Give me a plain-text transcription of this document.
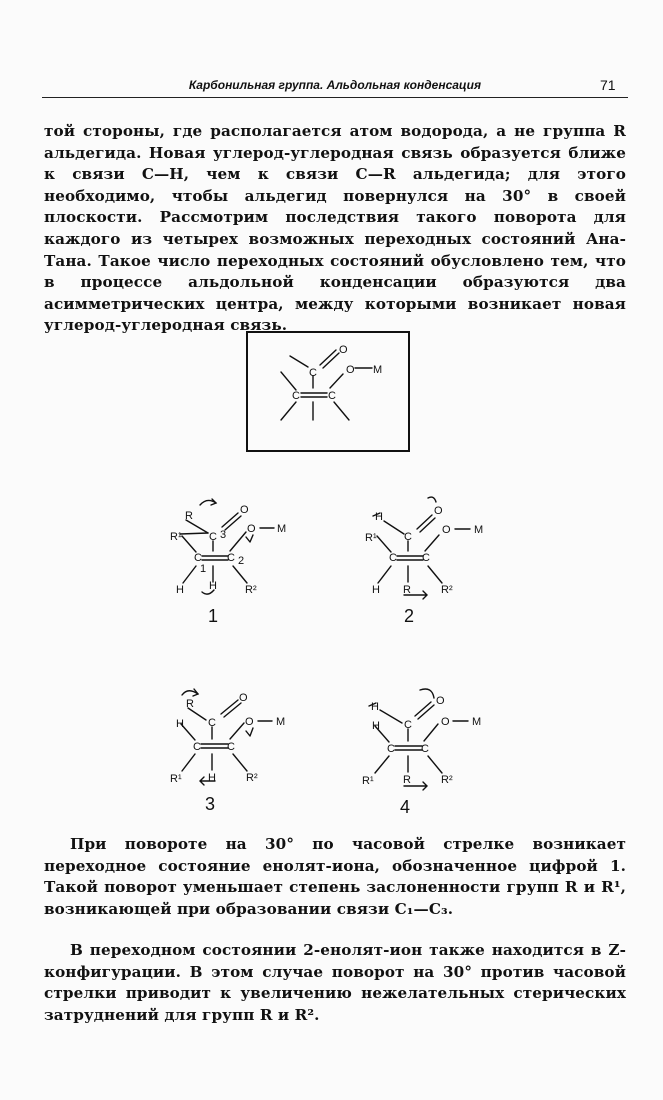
Карбонильная группа. Альдольная конденсация	71
той стороны, где располагается атом водорода, а не группа R альдегида. Новая углерод-углеродная связь образуется ближе к связи C—H, чем к связи C—R альдегида; для этого необходимо, чтобы альдегид повернулся на 30° в своей плоскости. Рассмотрим последствия такого поворота для каждого из четырех возможных переходных состояний Ана-Тана. Такое число переходных состояний обусловлено тем, что в процессе альдольной конденсации образуются два асимметрических центра, между которыми возникает новая углерод-углеродная связь.
C
O
O M
C	C
R
R¹ C 3
O
O M
C C 2
1
H H	R²
H
R¹ C
O
O M
C C
H R	R²
R
H C
O
O M
C C
R¹ H	R²
H
H C
O
O M
C C
R¹	R	R²
1	2
3	4
При повороте на 30° по часовой стрелке возникает переходное состояние енолят-иона, обозначенное цифрой 1. Такой поворот уменьшает степень заслоненности групп R и R¹, возникающей при образовании связи C₁—C₃.
В переходном состоянии 2-енолят-ион также находится в Z-конфигурации. В этом случае поворот на 30° против часовой стрелки приводит к увеличению нежелательных стерических затруднений для групп R и R².
